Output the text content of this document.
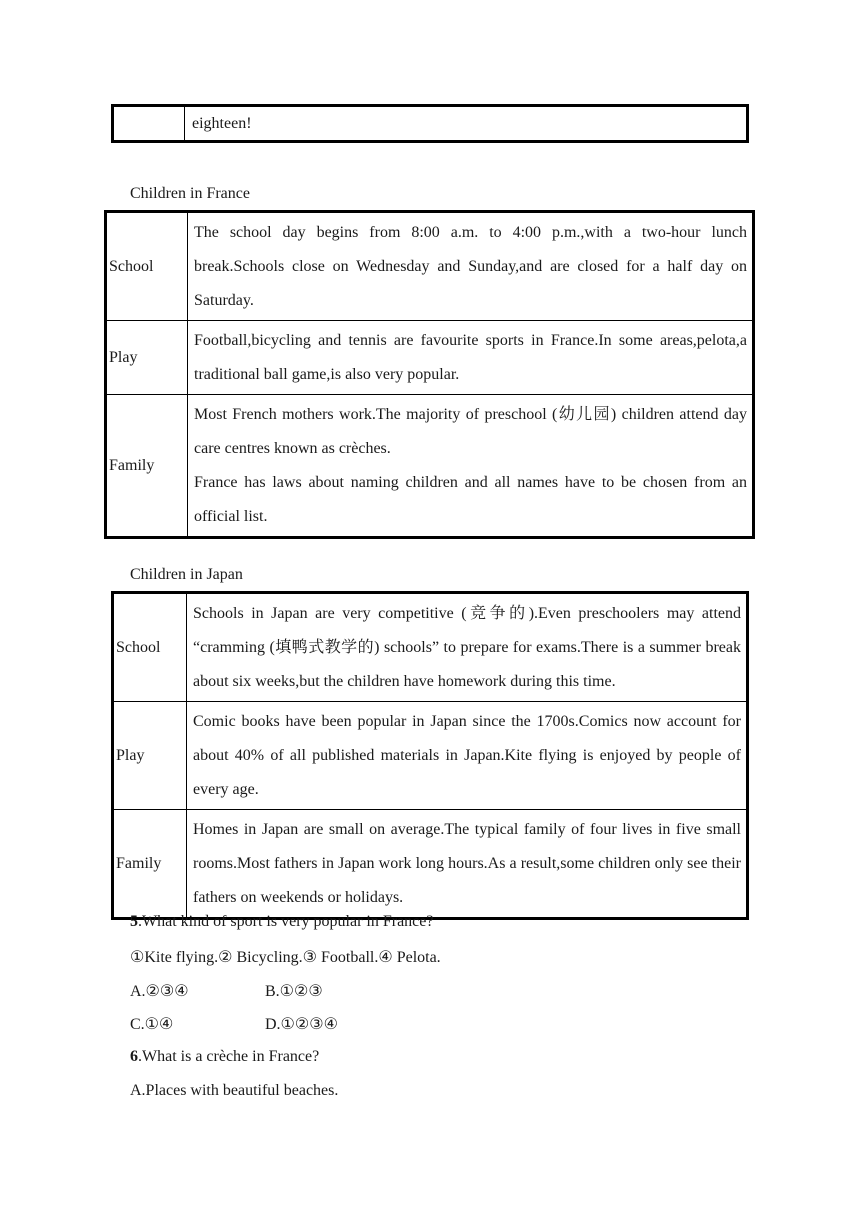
	eighteen!
Children in France
School	The school day begins from 8:00 a.m. to 4:00 p.m.,with a two-hour lunch break.Schools close on Wednesday and Sunday,and are closed for a half day on Saturday.

Play	Football,bicycling and tennis are favourite sports in France.In some areas,pelota,a traditional ball game,is also very popular.

Family	Most French mothers work.The majority of preschool (幼儿园) children attend day care centres known as crèches.
France has laws about naming children and all names have to be chosen from an official list.
Children in Japan
School	Schools in Japan are very competitive (竞争的).Even preschoolers may attend “cramming (填鸭式教学的) schools” to prepare for exams.There is a summer break about six weeks,but the children have homework during this time.

Play	Comic books have been popular in Japan since the 1700s.Comics now account for about 40% of all published materials in Japan.Kite flying is enjoyed by people of every age.

Family	Homes in Japan are small on average.The typical family of four lives in five small rooms.Most fathers in Japan work long hours.As a result,some children only see their fathers on weekends or holidays.
5.What kind of sport is very popular in France?
①Kite flying.② Bicycling.③ Football.④ Pelota.
A.②③④	B.①②③
C.①④	D.①②③④
6.What is a crèche in France?
A.Places with beautiful beaches.
